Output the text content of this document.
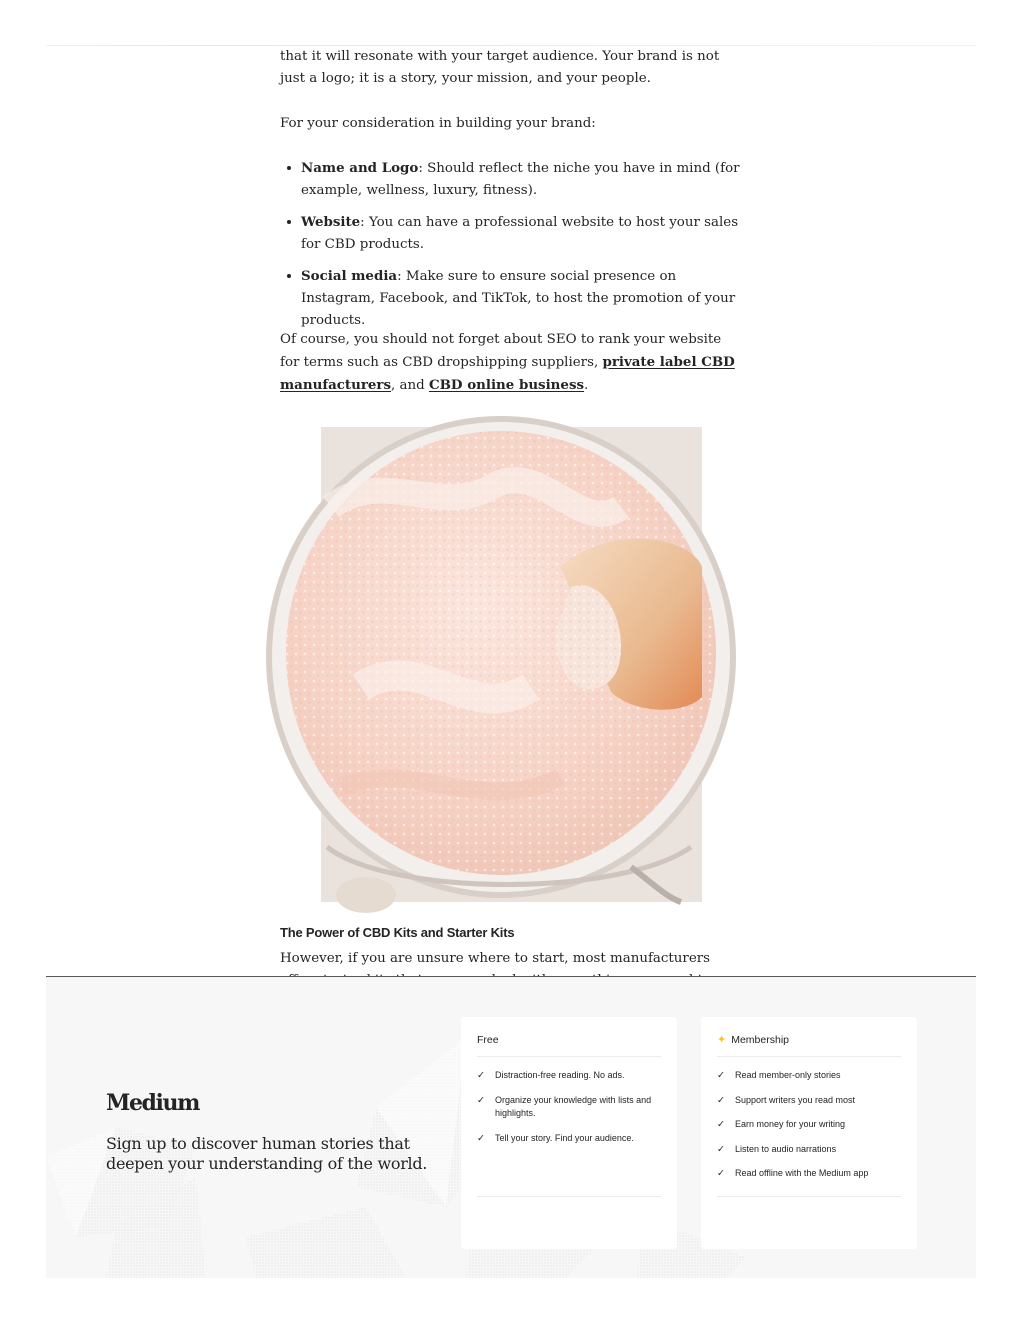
that it will resonate with your target audience. Your brand is not just a logo; it is a story, your mission, and your people.

For your consideration in building your brand:

Name and Logo: Should reflect the niche you have in mind (for example, wellness, luxury, fitness).
Website: You can have a professional website to host your sales for CBD products.
Social media: Make sure to ensure social presence on Instagram, Facebook, and TikTok, to host the promotion of your products.

Of course, you should not forget about SEO to rank your website for terms such as CBD dropshipping suppliers, private label CBD manufacturers, and CBD online business.

The Power of CBD Kits and Starter Kits

However, if you are unsure where to start, most manufacturers

Medium

Sign up to discover human stories that deepen your understanding of the world.

Free
✓ Distraction-free reading. No ads.
✓ Organize your knowledge with lists and highlights.
✓ Tell your story. Find your audience.
✦ Membership
✓ Read member-only stories
✓ Support writers you read most
✓ Earn money for your writing
✓ Listen to audio narrations
✓ Read offline with the Medium app
